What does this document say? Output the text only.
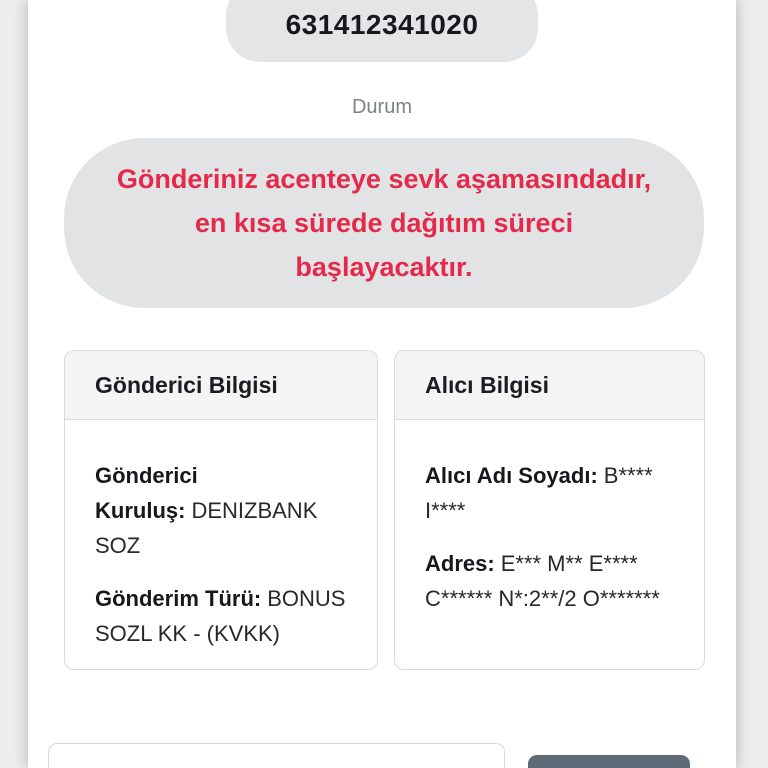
631412341020
Durum

Gönderiniz acenteye sevk aşamasındadır, en kısa sürede dağıtım süreci başlayacaktır.

Gönderici Bilgisi

Gönderici Kuruluş: DENIZBANK SOZ

Gönderim Türü: BONUS SOZL KK - (KVKK)

Alıcı Bilgisi

Alıcı Adı Soyadı: B**** I****

Adres: E*** M** E**** C****** N*:2**/2 O*******
